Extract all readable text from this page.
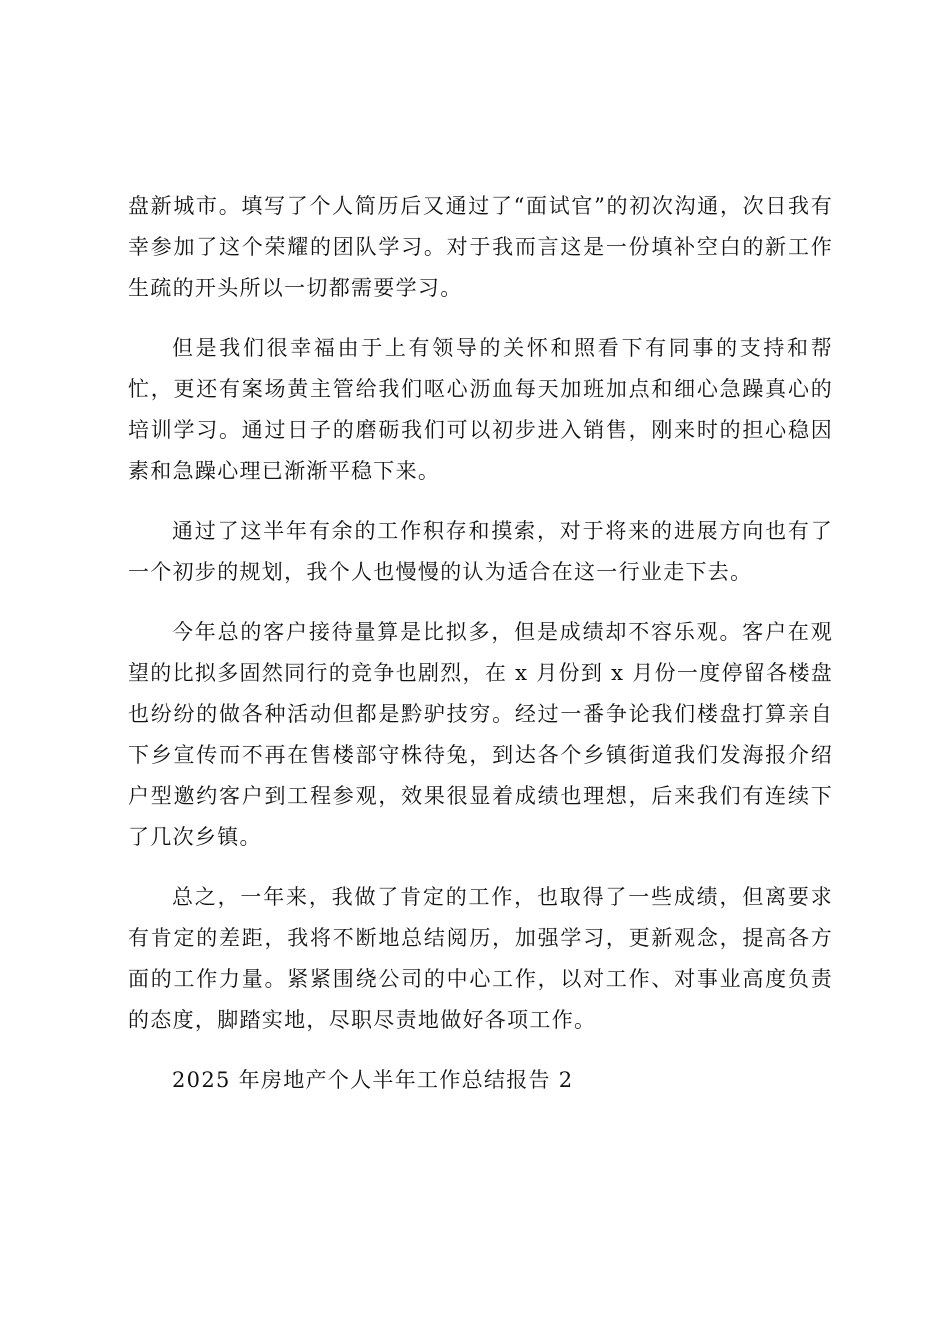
盘新城市。填写了个人简历后又通过了“面试官”的初次沟通，次日我有幸参加了这个荣耀的团队学习。对于我而言这是一份填补空白的新工作生疏的开头所以一切都需要学习。

但是我们很幸福由于上有领导的关怀和照看下有同事的支持和帮忙，更还有案场黄主管给我们呕心沥血每天加班加点和细心急躁真心的培训学习。通过日子的磨砺我们可以初步进入销售，刚来时的担心稳因素和急躁心理已渐渐平稳下来。

通过了这半年有余的工作积存和摸索，对于将来的进展方向也有了一个初步的规划，我个人也慢慢的认为适合在这一行业走下去。

今年总的客户接待量算是比拟多，但是成绩却不容乐观。客户在观望的比拟多固然同行的竞争也剧烈，在 x 月份到 x 月份一度停留各楼盘也纷纷的做各种活动但都是黔驴技穷。经过一番争论我们楼盘打算亲自下乡宣传而不再在售楼部守株待兔，到达各个乡镇街道我们发海报介绍户型邀约客户到工程参观，效果很显着成绩也理想，后来我们有连续下了几次乡镇。

总之，一年来，我做了肯定的工作，也取得了一些成绩，但离要求有肯定的差距，我将不断地总结阅历，加强学习，更新观念，提高各方面的工作力量。紧紧围绕公司的中心工作，以对工作、对事业高度负责的态度，脚踏实地，尽职尽责地做好各项工作。

2025 年房地产个人半年工作总结报告 2
